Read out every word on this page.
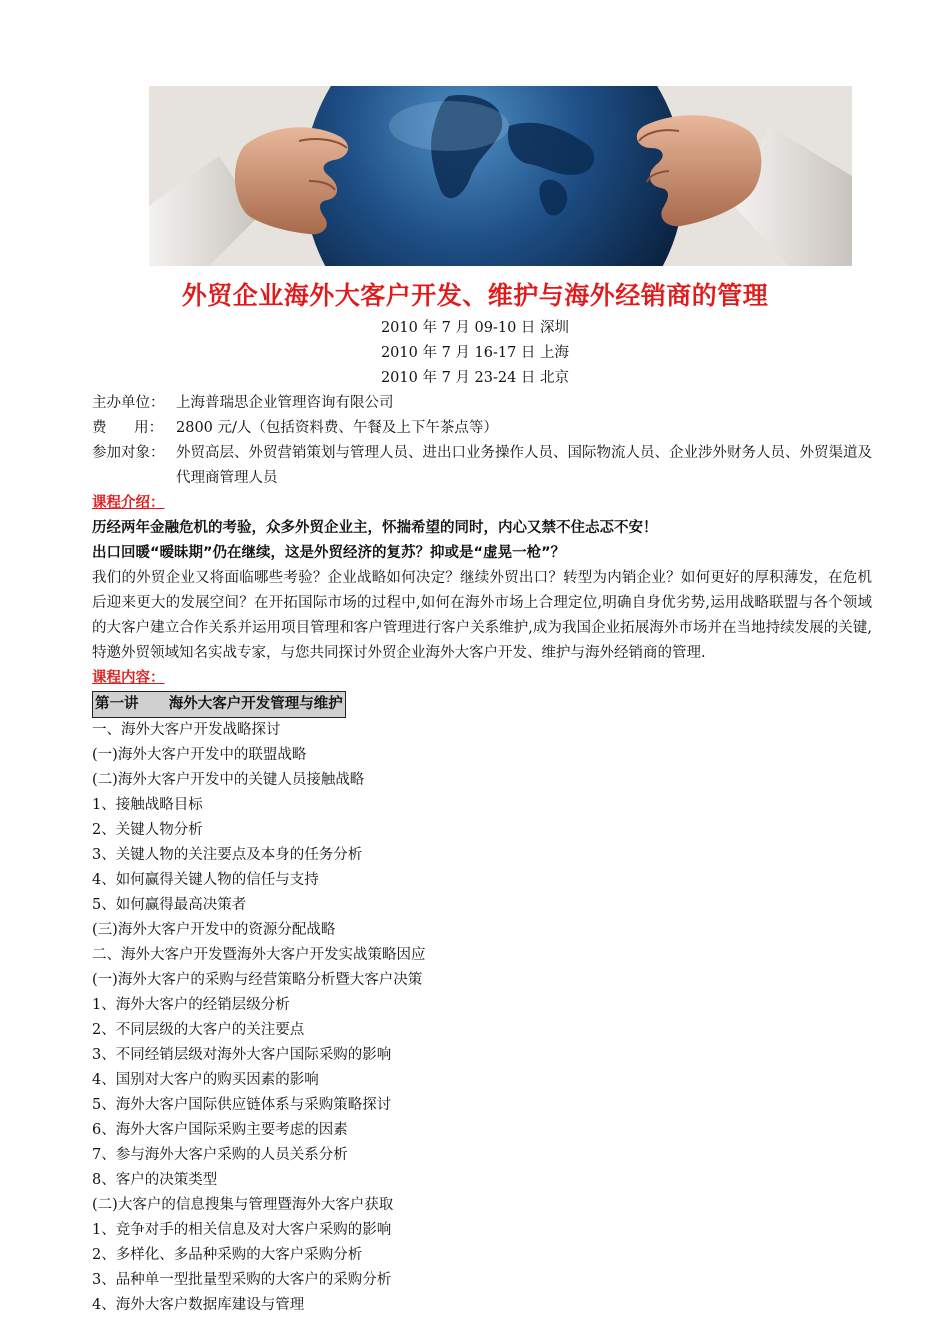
外贸企业海外大客户开发、维护与海外经销商的管理
2010 年 7 月 09-10 日 深圳
2010 年 7 月 16-17 日 上海
2010 年 7 月 23-24 日 北京
主办单位： 上海普瑞思企业管理咨询有限公司
费      用： 2800 元/人（包括资料费、午餐及上下午茶点等）
参加对象： 外贸高层、外贸营销策划与管理人员、进出口业务操作人员、国际物流人员、企业涉外财务人员、外贸渠道及代理商管理人员
课程介绍：
历经两年金融危机的考验，众多外贸企业主，怀揣希望的同时，内心又禁不住忐忑不安！
出口回暖“暧昧期”仍在继续，这是外贸经济的复苏？抑或是“虚晃一枪”？
我们的外贸企业又将面临哪些考验？企业战略如何决定？继续外贸出口？转型为内销企业？如何更好的厚积薄发，在危机后迎来更大的发展空间？在开拓国际市场的过程中,如何在海外市场上合理定位,明确自身优劣势,运用战略联盟与各个领域的大客户建立合作关系并运用项目管理和客户管理进行客户关系维护,成为我国企业拓展海外市场并在当地持续发展的关键,特邀外贸领域知名实战专家，与您共同探讨外贸企业海外大客户开发、维护与海外经销商的管理.
课程内容：
第一讲      海外大客户开发管理与维护
一、海外大客户开发战略探讨
(一)海外大客户开发中的联盟战略
(二)海外大客户开发中的关键人员接触战略
1、接触战略目标
2、关键人物分析
3、关键人物的关注要点及本身的任务分析
4、如何赢得关键人物的信任与支持
5、如何赢得最高决策者
(三)海外大客户开发中的资源分配战略
二、海外大客户开发暨海外大客户开发实战策略因应
(一)海外大客户的采购与经营策略分析暨大客户决策
1、海外大客户的经销层级分析
2、不同层级的大客户的关注要点
3、不同经销层级对海外大客户国际采购的影响
4、国别对大客户的购买因素的影响
5、海外大客户国际供应链体系与采购策略探讨
6、海外大客户国际采购主要考虑的因素
7、参与海外大客户采购的人员关系分析
8、客户的决策类型
(二)大客户的信息搜集与管理暨海外大客户获取
1、竞争对手的相关信息及对大客户采购的影响
2、多样化、多品种采购的大客户采购分析
3、品种单一型批量型采购的大客户的采购分析
4、海外大客户数据库建设与管理
